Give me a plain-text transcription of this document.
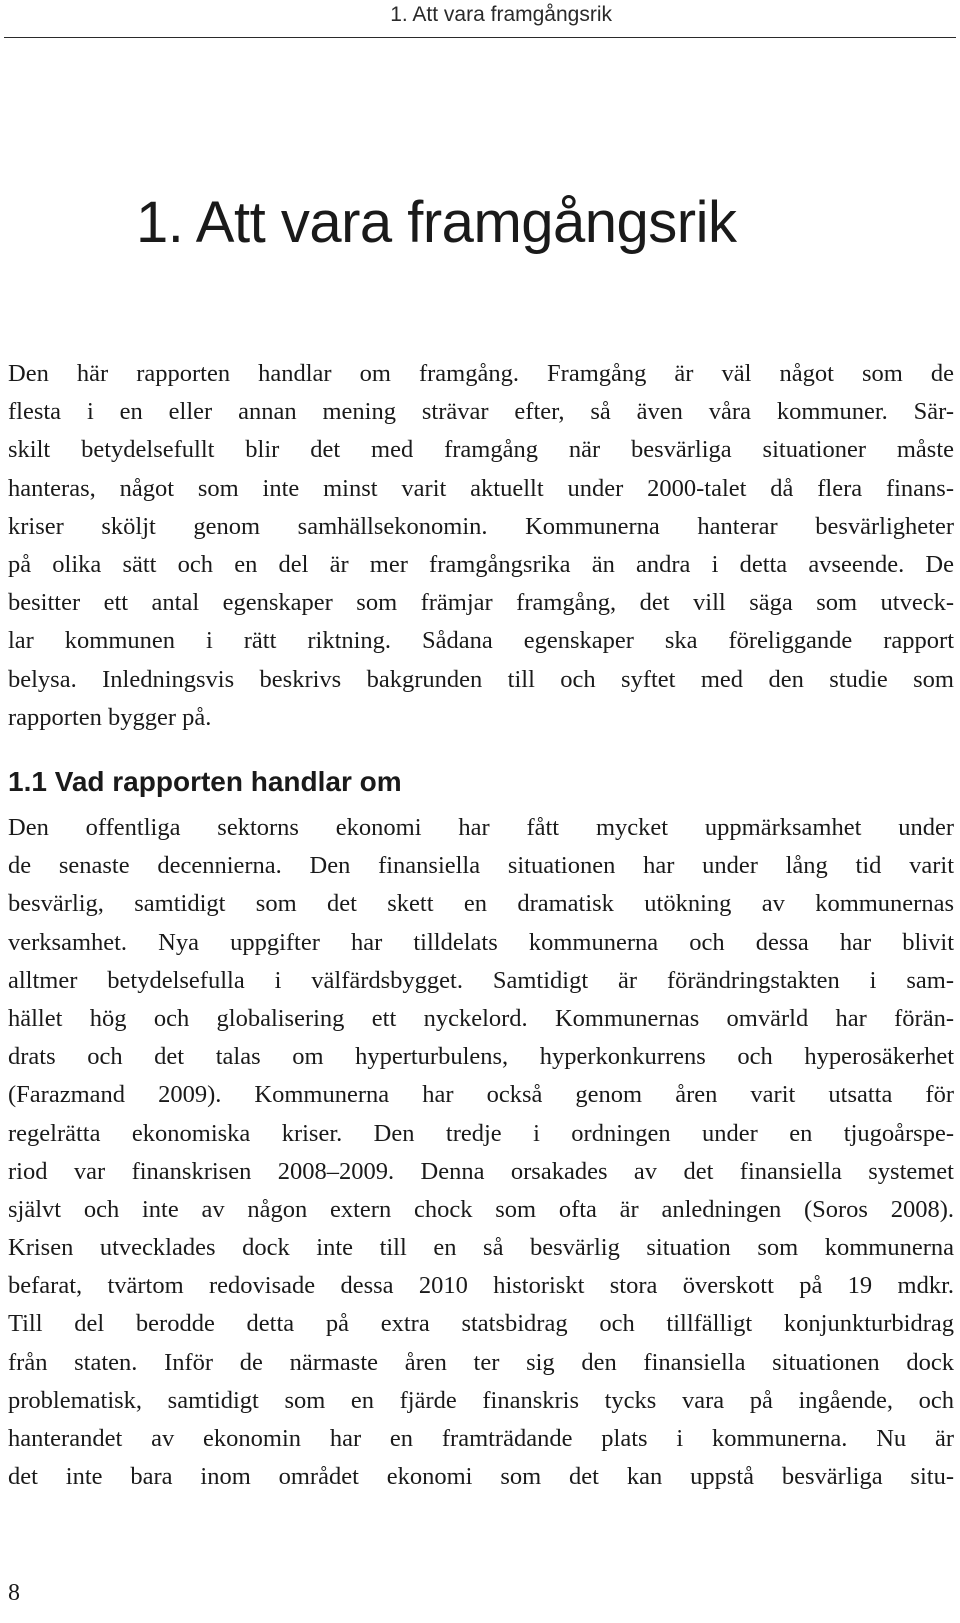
1. Att vara framgångsrik
1. Att vara framgångsrik
Den här rapporten handlar om framgång. Framgång är väl något som de
flesta i en eller annan mening strävar efter, så även våra kommuner. Sär-
skilt betydelsefullt blir det med framgång när besvärliga situationer måste
hanteras, något som inte minst varit aktuellt under 2000-talet då flera finans-
kriser sköljt genom samhällsekonomin. Kommunerna hanterar besvärligheter
på olika sätt och en del är mer framgångsrika än andra i detta avseende. De
besitter ett antal egenskaper som främjar framgång, det vill säga som utveck-
lar kommunen i rätt riktning. Sådana egenskaper ska föreliggande rapport
belysa. Inledningsvis beskrivs bakgrunden till och syftet med den studie som
rapporten bygger på.
1.1 Vad rapporten handlar om
Den offentliga sektorns ekonomi har fått mycket uppmärksamhet under
de senaste decennierna. Den finansiella situationen har under lång tid varit
besvärlig, samtidigt som det skett en dramatisk utökning av kommunernas
verksamhet. Nya uppgifter har tilldelats kommunerna och dessa har blivit
alltmer betydelsefulla i välfärdsbygget. Samtidigt är förändringstakten i sam-
hället hög och globalisering ett nyckelord. Kommunernas omvärld har förän-
drats och det talas om hyperturbulens, hyperkonkurrens och hyperosäkerhet
(Farazmand 2009). Kommunerna har också genom åren varit utsatta för
regelrätta ekonomiska kriser. Den tredje i ordningen under en tjugoårspe-
riod var finanskrisen 2008–2009. Denna orsakades av det finansiella systemet
självt och inte av någon extern chock som ofta är anledningen (Soros 2008).
Krisen utvecklades dock inte till en så besvärlig situation som kommunerna
befarat, tvärtom redovisade dessa 2010 historiskt stora överskott på 19 mdkr.
Till del berodde detta på extra statsbidrag och tillfälligt konjunkturbidrag
från staten. Inför de närmaste åren ter sig den finansiella situationen dock
problematisk, samtidigt som en fjärde finanskris tycks vara på ingående, och
hanterandet av ekonomin har en framträdande plats i kommunerna. Nu är
det inte bara inom området ekonomi som det kan uppstå besvärliga situ-
8
